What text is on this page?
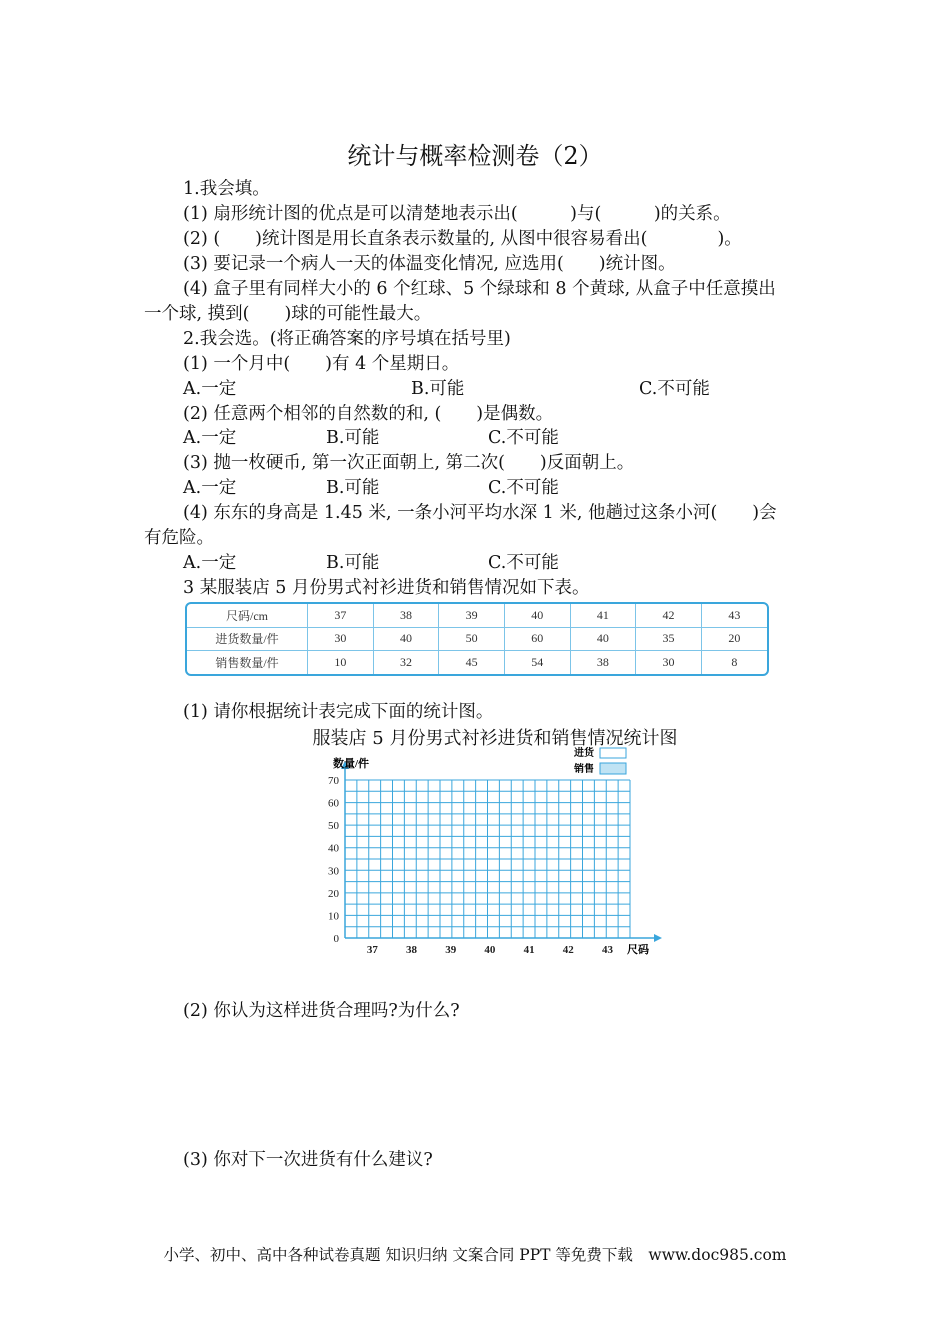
统计与概率检测卷（2）
1.我会填。
(1) 扇形统计图的优点是可以清楚地表示出(　　　)与(　　　)的关系。
(2) (　　)统计图是用长直条表示数量的, 从图中很容易看出(　　　　)。
(3) 要记录一个病人一天的体温变化情况, 应选用(　　)统计图。
(4) 盒子里有同样大小的 6 个红球、5 个绿球和 8 个黄球, 从盒子中任意摸出
一个球, 摸到(　　)球的可能性最大。
2.我会选。(将正确答案的序号填在括号里)
(1) 一个月中(　　)有 4 个星期日。
A.一定	B.可能	C.不可能
(2) 任意两个相邻的自然数的和, (　　)是偶数。
A.一定	B.可能	C.不可能
(3) 抛一枚硬币, 第一次正面朝上, 第二次(　　)反面朝上。
A.一定	B.可能	C.不可能
(4) 东东的身高是 1.45 米, 一条小河平均水深 1 米, 他趟过这条小河(　　)会
有危险。
A.一定	B.可能	C.不可能
3 某服装店 5 月份男式衬衫进货和销售情况如下表。
尺码/cm	37	38	39	40	41	42	43
进货数量/件	30	40	50	60	40	35	20
销售数量/件	10	32	45	54	38	30	8
(1) 请你根据统计表完成下面的统计图。
服装店 5 月份男式衬衫进货和销售情况统计图
0
10
20
30
40
50
60
70
37	38	39	40	41	42	43
数量/件
尺码
进货
销售
(2) 你认为这样进货合理吗?为什么?
(3) 你对下一次进货有什么建议?
小学、初中、高中各种试卷真题 知识归纳 文案合同 PPT 等免费下载　www.doc985.com
